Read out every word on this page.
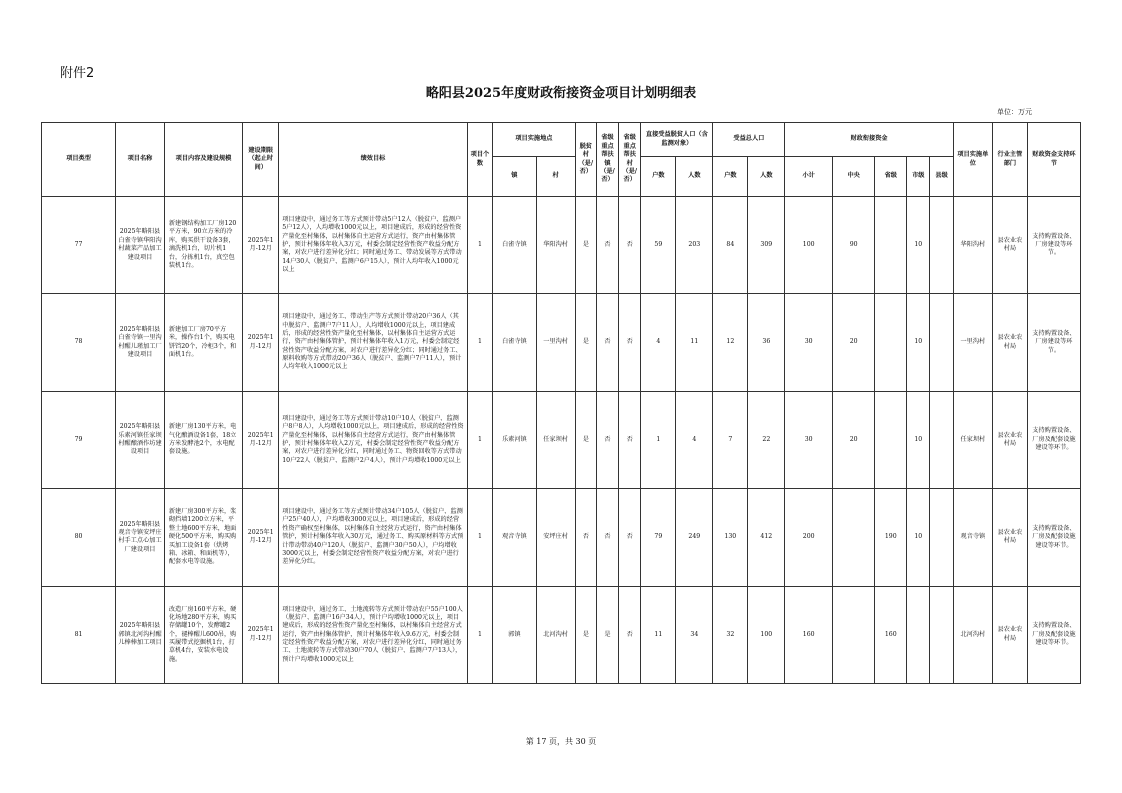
附件2
略阳县2025年度财政衔接资金项目计划明细表
单位：万元
项目类型	项目名称	项目内容及建设规模	建设期限（起止时间）	绩效目标	项目个数	项目实施地点		脱贫村（是/否）	省级重点帮扶镇（是/否）	省级重点帮扶村（是/否）	直接受益脱贫人口（含监测对象）		受益总人口		财政衔接资金					项目实施单位	行业主管部门	财政资金支持环节
						镇	村				户数	人数	户数	人数	小计	中央	省级	市级	县级			
77	2025年略阳县白雀寺镇华阳沟村蔬菜产品加工建设项目	新建钢结构加工厂房120平方米，90立方米的冷库，购买烘干设备3套，滴洗机1台，切片机1台，分拣机1台，真空包装机1台。	2025年1月-12月	项目建设中，通过务工等方式预计带动5户12人（脱贫户、监测户5户12人），人均增收1000元以上，项目建成后，形成的经营性资产量化至村集体，以村集体自主运营方式运行，资产由村集体管护，预计村集体年收入3万元，村委会制定经营性资产收益分配方案，对农户进行差异化分红；同时通过务工、带动发展等方式带动14户30人（脱贫户、监测户6户15人），预计人均年收入1000元以上	1	白雀寺镇	华阳沟村	是	否	否	59	203	84	309	100	90		10		华阳沟村	县农业农村局	支持购置设备、厂房建设等环节。
78	2025年略阳县白雀寺镇一里沟村醒儿瑾加工厂建设项目	新建加工厂房70平方米，操作台1个，购买电饼铛20个，冷柜3个，和面机1台。	2025年1月-12月	项目建设中，通过务工、带动生产等方式预计带动20户36人（其中脱贫户、监测户7户11人），人均增收1000元以上，项目建成后，形成的经营性资产量化至村集体，以村集体自主运营方式运行，资产由村集体管护，预计村集体年收入1万元，村委会制定经营性资产收益分配方案，对农户进行差异化分红；同时通过务工、原料收购等方式带动20户36人（脱贫户、监测户7户11人），预计人均年收入1000元以上	1	白雀寺镇	一里沟村	是	否	否	4	11	12	36	30	20		10		一里沟村	县农业农村局	支持购置设备、厂房建设等环节。
79	2025年略阳县乐素河镇任家坝村醒酿酒作坊建设项目	新建厂房130平方米，电气化酿酒设备1套，18立方米发酵池2个，水电配套设施。	2025年1月-12月	项目建设中，通过务工等方式预计带动10户10人（脱贫户、监测户8户8人），人均增收1000元以上，项目建成后，形成的经营性资产量化至村集体，以村集体自主经营方式运行，资产由村集体管护，预计村集体年收入2万元，村委会制定经营性资产收益分配方案，对农户进行差异化分红，同时通过务工、物资回收等方式带动10户22人（脱贫户、监测户2户4人），预计户均增收1000元以上	1	乐素河镇	任家坝村	是	否	否	1	4	7	22	30	20		10		任家坝村	县农业农村局	支持购置设备、厂房及配套设施建设等环节。
80	2025年略阳县观音寺镇安坪庄村手工点心加工厂建设项目	新建厂房300平方米，浆砌挡墙1200立方米，平整土地600平方米，地面硬化500平方米，购买购买加工设备1套（烘烤箱、冰箱、和面机等），配套水电等设施。	2025年1月-12月	项目建设中，通过务工等方式预计带动34户105人（脱贫户、监测户25户40人），户均增收3000元以上，项目建成后，形成的经营性资产确权至村集体，以村集体自主经营方式运行，资产由村集体管护，预计村集体年收入30万元，通过务工、购买原材料等方式预计带动带动40户120人（脱贫户、监测户30户50人），户均增收3000元以上，村委会制定经营性资产收益分配方案，对农户进行差异化分红。	1	观音寺镇	安坪庄村	否	否	否	79	249	130	412	200		190	10		观音寺镇	县农业农村局	支持购置设备、厂房及配套设施建设等环节。
81	2025年略阳县郭镇北河沟村醒儿棒棒加工项目	改造厂房160平方米，硬化场地280平方米，购买存储罐10个，发酵罐2个，褪棒醒儿600吊，购买履带式挖掘机1台，打草机4台，安装水电设施。	2025年1月-12月	项目建设中，通过务工、土地流转等方式预计带动农户55户100人（脱贫户、监测户16户34人），预计户均增收1000元以上，项目建成后，形成的经营性资产量化至村集体，以村集体自主经营方式运行，资产由村集体管护，预计村集体年收入9.6万元，村委会制定经营性资产收益分配方案，对农户进行差异化分红，同时通过务工、土地流转等方式带动30户70人（脱贫户、监测户7户13人），预计户均增收1000元以上	1	郭镇	北河沟村	是	是	否	11	34	32	100	160		160			北河沟村	县农业农村局	支持购置设备、厂房及配套设施建设等环节。
第 17 页，共 30 页
